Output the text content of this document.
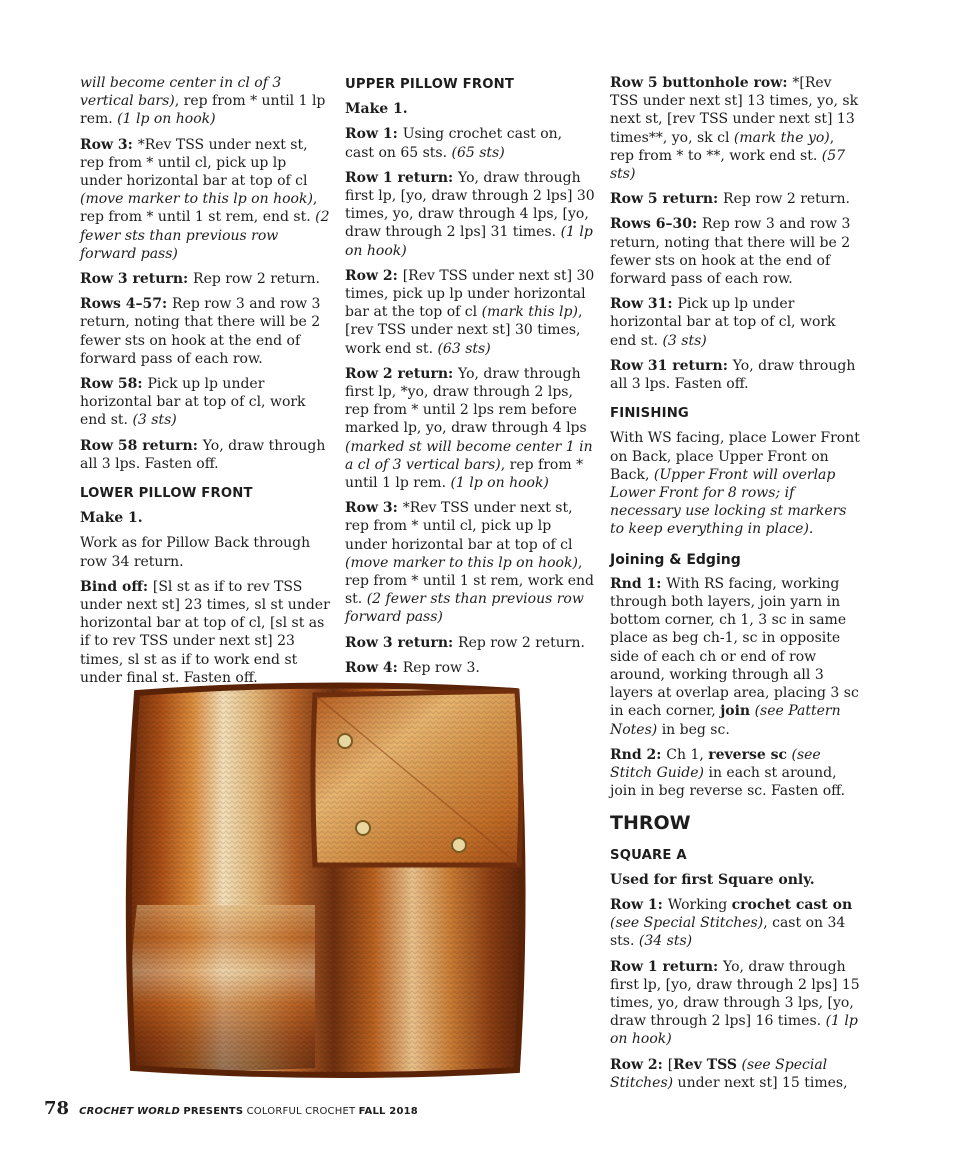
will become center in cl of 3 vertical bars), rep from * until 1 lp rem. (1 lp on hook)

Row 3: *Rev TSS under next st, rep from * until cl, pick up lp under horizontal bar at top of cl (move marker to this lp on hook), rep from * until 1 st rem, end st. (2 fewer sts than previous row forward pass)

Row 3 return: Rep row 2 return.

Rows 4–57: Rep row 3 and row 3 return, noting that there will be 2 fewer sts on hook at the end of forward pass of each row.

Row 58: Pick up lp under horizontal bar at top of cl, work end st. (3 sts)

Row 58 return: Yo, draw through all 3 lps. Fasten off.

LOWER PILLOW FRONT

Make 1.

Work as for Pillow Back through row 34 return.

Bind off: [Sl st as if to rev TSS under next st] 23 times, sl st under horizontal bar at top of cl, [sl st as if to rev TSS under next st] 23 times, sl st as if to work end st under final st. Fasten off.

UPPER PILLOW FRONT

Make 1.

Row 1: Using crochet cast on, cast on 65 sts. (65 sts)

Row 1 return: Yo, draw through first lp, [yo, draw through 2 lps] 30 times, yo, draw through 4 lps, [yo, draw through 2 lps] 31 times. (1 lp on hook)

Row 2: [Rev TSS under next st] 30 times, pick up lp under horizontal bar at the top of cl (mark this lp), [rev TSS under next st] 30 times, work end st. (63 sts)

Row 2 return: Yo, draw through first lp, *yo, draw through 2 lps, rep from * until 2 lps rem before marked lp, yo, draw through 4 lps (marked st will become center 1 in a cl of 3 vertical bars), rep from * until 1 lp rem. (1 lp on hook)

Row 3: *Rev TSS under next st, rep from * until cl, pick up lp under horizontal bar at top of cl (move marker to this lp on hook), rep from * until 1 st rem, work end st. (2 fewer sts than previous row forward pass)

Row 3 return: Rep row 2 return.

Row 4: Rep row 3.

Row 5 buttonhole row: *[Rev TSS under next st] 13 times, yo, sk next st, [rev TSS under next st] 13 times**, yo, sk cl (mark the yo), rep from * to **, work end st. (57 sts)

Row 5 return: Rep row 2 return.

Rows 6–30: Rep row 3 and row 3 return, noting that there will be 2 fewer sts on hook at the end of forward pass of each row.

Row 31: Pick up lp under horizontal bar at top of cl, work end st. (3 sts)

Row 31 return: Yo, draw through all 3 lps. Fasten off.

FINISHING

With WS facing, place Lower Front on Back, place Upper Front on Back, (Upper Front will overlap Lower Front for 8 rows; if necessary use locking st markers to keep everything in place).

Joining & Edging

Rnd 1: With RS facing, working through both layers, join yarn in bottom corner, ch 1, 3 sc in same place as beg ch-1, sc in opposite side of each ch or end of row around, working through all 3 layers at overlap area, placing 3 sc in each corner, join (see Pattern Notes) in beg sc.

Rnd 2: Ch 1, reverse sc (see Stitch Guide) in each st around, join in beg reverse sc. Fasten off.

THROW
SQUARE A

Used for first Square only.

Row 1: Working crochet cast on (see Special Stitches), cast on 34 sts. (34 sts)

Row 1 return: Yo, draw through first lp, [yo, draw through 2 lps] 15 times, yo, draw through 3 lps, [yo, draw through 2 lps] 16 times. (1 lp on hook)

Row 2: [Rev TSS (see Special Stitches) under next st] 15 times,

78 CROCHET WORLD PRESENTS COLORFUL CROCHET FALL 2018
